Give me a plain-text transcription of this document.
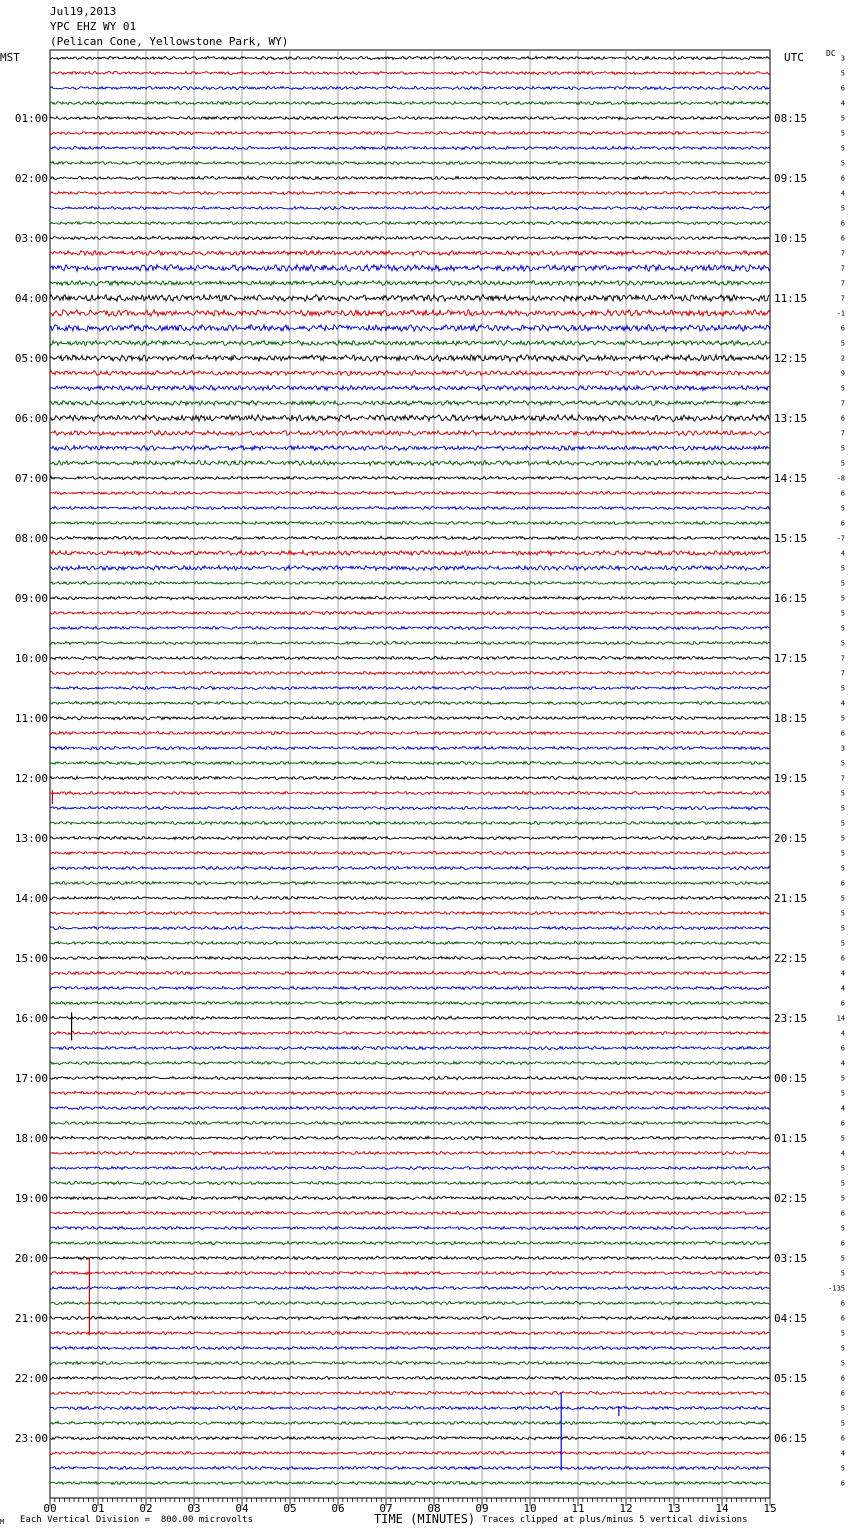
Jul19,2013
YPC EHZ WY 01
(Pelican Cone, Yellowstone Park, WY)
MST	UTC	DC
3
5
6
4
5
5
5
5
6
4
5
6
6
7
7
7
7
-1
6
5
2
9
5
7
6
7
5
5
-8
6
5
6
-7
4
5
5
5
5
5
5
7
7
5
4
5
6
3
5
7
5
5
5
5
5
5
6
5
5
5
5
6
4
4
6
14
4
6
4
5
5
4
6
5
4
5
5
5
6
5
6
5
5
-135
6
6
5
5
5
6
6
5
5
6
4
5
6
01:00
02:00
03:00
04:00
05:00
06:00
07:00
08:00
09:00
10:00
11:00
12:00
13:00
14:00
15:00
16:00
17:00
18:00
19:00
20:00
21:00
22:00
23:00
08:15
09:15
10:15
11:15
12:15
13:15
14:15
15:15
16:15
17:15
18:15
19:15
20:15
21:15
22:15
23:15
00:15
01:15
02:15
03:15
04:15
05:15
06:15
00	01	02	03	04	05	06	07	08	09	10	11	12	13	14	15
M Each Vertical Division =  800.00 microvolts	TIME (MINUTES) Traces clipped at plus/minus 5 vertical divisions
